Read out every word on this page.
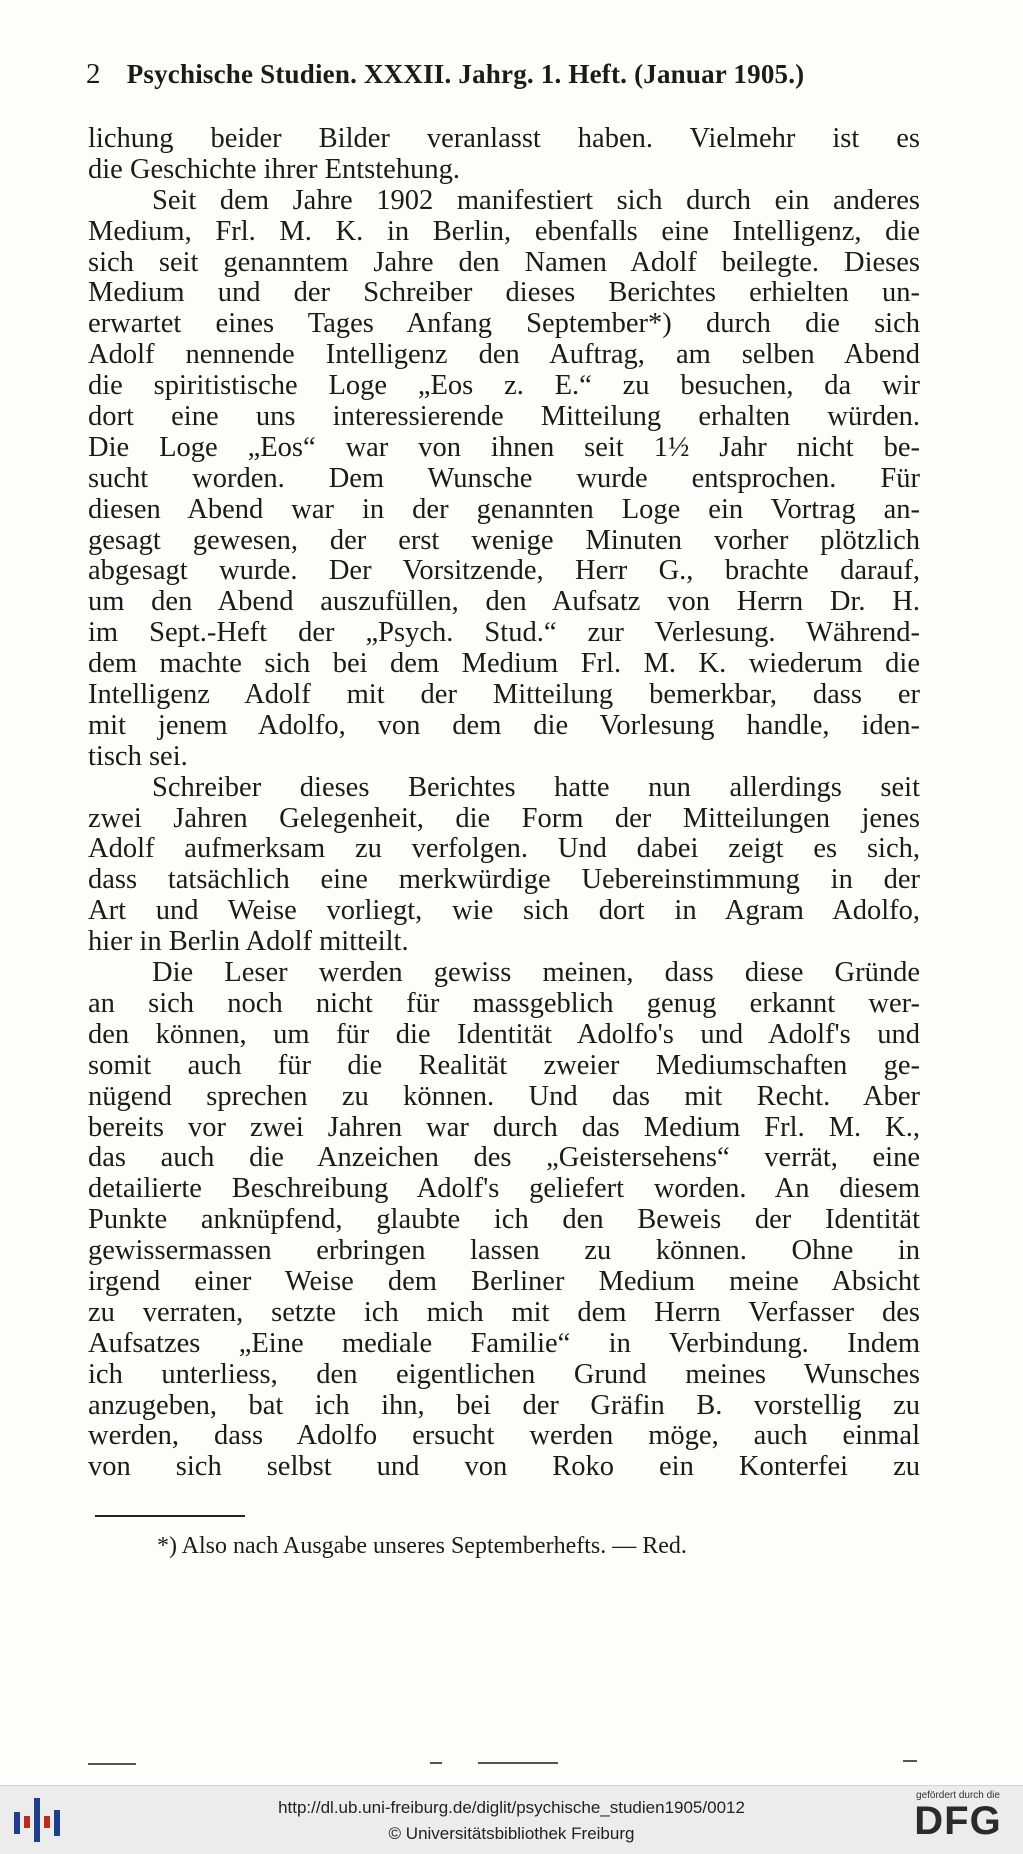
2 Psychische Studien. XXXII. Jahrg. 1. Heft. (Januar 1905.)
lichung beider Bilder veranlasst haben. Vielmehr ist es
die Geschichte ihrer Entstehung.
Seit dem Jahre 1902 manifestiert sich durch ein anderes
Medium, Frl. M. K. in Berlin, ebenfalls eine Intelligenz, die
sich seit genanntem Jahre den Namen Adolf beilegte. Dieses
Medium und der Schreiber dieses Berichtes erhielten un-
erwartet eines Tages Anfang September*) durch die sich
Adolf nennende Intelligenz den Auftrag, am selben Abend
die spiritistische Loge „Eos z. E.“ zu besuchen, da wir
dort eine uns interessierende Mitteilung erhalten würden.
Die Loge „Eos“ war von ihnen seit 1½ Jahr nicht be-
sucht worden. Dem Wunsche wurde entsprochen. Für
diesen Abend war in der genannten Loge ein Vortrag an-
gesagt gewesen, der erst wenige Minuten vorher plötzlich
abgesagt wurde. Der Vorsitzende, Herr G., brachte darauf,
um den Abend auszufüllen, den Aufsatz von Herrn Dr. H.
im Sept.-Heft der „Psych. Stud.“ zur Verlesung. Während-
dem machte sich bei dem Medium Frl. M. K. wiederum die
Intelligenz Adolf mit der Mitteilung bemerkbar, dass er
mit jenem Adolfo, von dem die Vorlesung handle, iden-
tisch sei.
Schreiber dieses Berichtes hatte nun allerdings seit
zwei Jahren Gelegenheit, die Form der Mitteilungen jenes
Adolf aufmerksam zu verfolgen. Und dabei zeigt es sich,
dass tatsächlich eine merkwürdige Uebereinstimmung in der
Art und Weise vorliegt, wie sich dort in Agram Adolfo,
hier in Berlin Adolf mitteilt.
Die Leser werden gewiss meinen, dass diese Gründe
an sich noch nicht für massgeblich genug erkannt wer-
den können, um für die Identität Adolfo's und Adolf's und
somit auch für die Realität zweier Mediumschaften ge-
nügend sprechen zu können. Und das mit Recht. Aber
bereits vor zwei Jahren war durch das Medium Frl. M. K.,
das auch die Anzeichen des „Geistersehens“ verrät, eine
detailierte Beschreibung Adolf's geliefert worden. An diesem
Punkte anknüpfend, glaubte ich den Beweis der Identität
gewissermassen erbringen lassen zu können. Ohne in
irgend einer Weise dem Berliner Medium meine Absicht
zu verraten, setzte ich mich mit dem Herrn Verfasser des
Aufsatzes „Eine mediale Familie“ in Verbindung. Indem
ich unterliess, den eigentlichen Grund meines Wunsches
anzugeben, bat ich ihn, bei der Gräfin B. vorstellig zu
werden, dass Adolfo ersucht werden möge, auch einmal
von sich selbst und von Roko ein Konterfei zu
*) Also nach Ausgabe unseres Septemberhefts. — Red.
http://dl.ub.uni-freiburg.de/diglit/psychische_studien1905/0012
© Universitätsbibliothek Freiburg
gefördert durch die
DFG
